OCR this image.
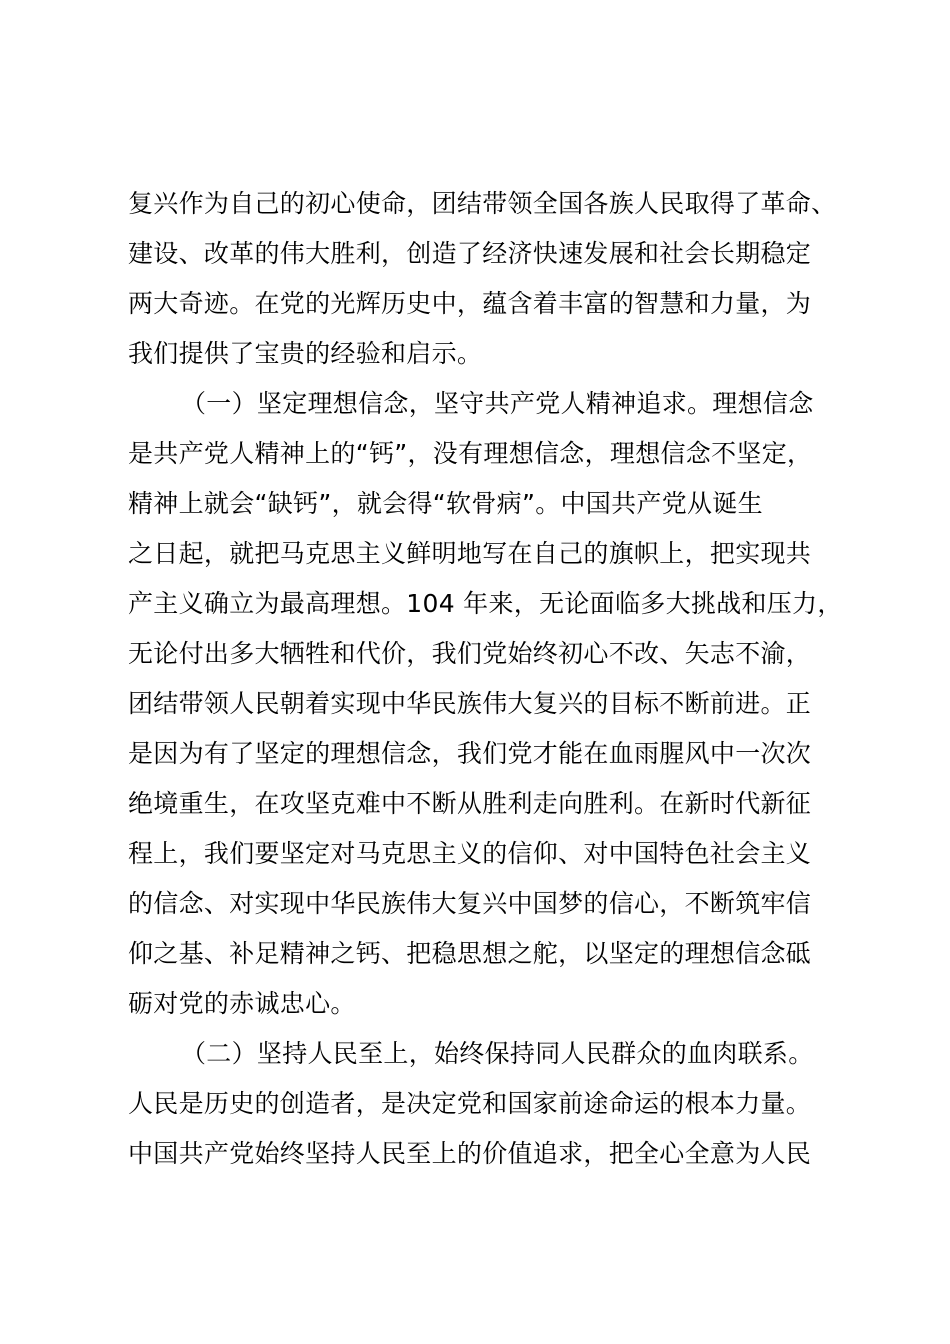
复兴作为自己的初心使命，团结带领全国各族人民取得了革命、
建设、改革的伟大胜利，创造了经济快速发展和社会长期稳定
两大奇迹。在党的光辉历史中，蕴含着丰富的智慧和力量，为
我们提供了宝贵的经验和启示。
（一）坚定理想信念，坚守共产党人精神追求。理想信念
是共产党人精神上的“钙”，没有理想信念，理想信念不坚定，
精神上就会“缺钙”，就会得“软骨病”。中国共产党从诞生
之日起，就把马克思主义鲜明地写在自己的旗帜上，把实现共
产主义确立为最高理想。104 年来，无论面临多大挑战和压力，
无论付出多大牺牲和代价，我们党始终初心不改、矢志不渝，
团结带领人民朝着实现中华民族伟大复兴的目标不断前进。正
是因为有了坚定的理想信念，我们党才能在血雨腥风中一次次
绝境重生，在攻坚克难中不断从胜利走向胜利。在新时代新征
程上，我们要坚定对马克思主义的信仰、对中国特色社会主义
的信念、对实现中华民族伟大复兴中国梦的信心，不断筑牢信
仰之基、补足精神之钙、把稳思想之舵，以坚定的理想信念砥
砺对党的赤诚忠心。
（二）坚持人民至上，始终保持同人民群众的血肉联系。
人民是历史的创造者，是决定党和国家前途命运的根本力量。
中国共产党始终坚持人民至上的价值追求，把全心全意为人民
